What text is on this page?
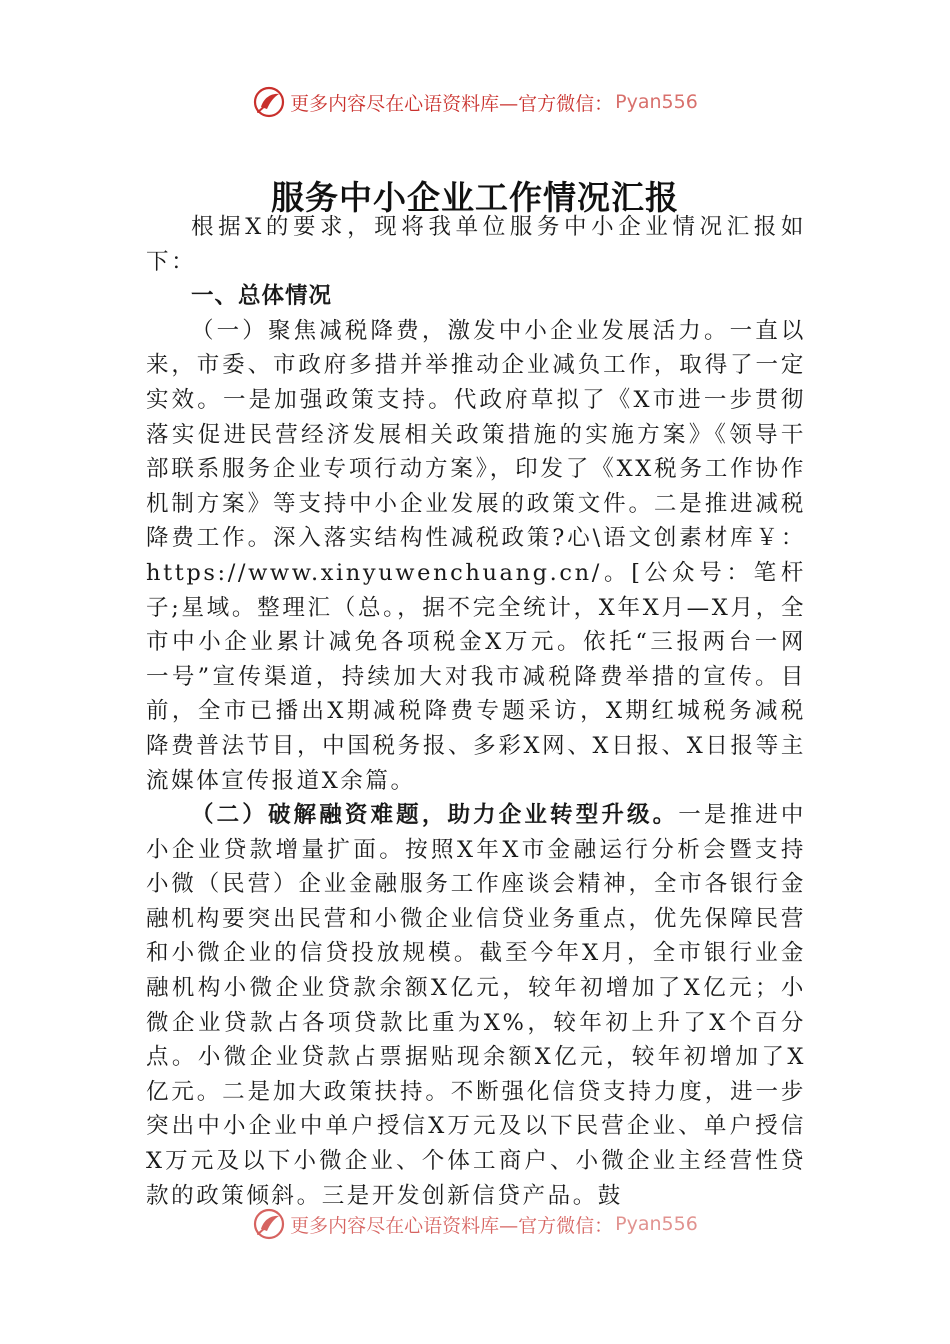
更多内容尽在心语资料库—官方微信： Pyan556
服务中小企业工作情况汇报

根据X的要求，现将我单位服务中小企业情况汇报如下：

一、总体情况

（一）聚焦减税降费，激发中小企业发展活力。一直以来，市委、市政府多措并举推动企业减负工作，取得了一定实效。一是加强政策支持。代政府草拟了《X市进一步贯彻落实促进民营经济发展相关政策措施的实施方案》《领导干部联系服务企业专项行动方案》，印发了《XX税务工作协作机制方案》等支持中小企业发展的政策文件。二是推进减税降费工作。深入落实结构性减税政策?心\语文创素材库￥：https://www.xinyuwenchuang.cn/。[公众号：笔杆子;星域。整理汇（总。，据不完全统计，X年X月—X月，全市中小企业累计减免各项税金X万元。依托“三报两台一网一号”宣传渠道，持续加大对我市减税降费举措的宣传。目前，全市已播出X期减税降费专题采访，X期红城税务减税降费普法节目，中国税务报、多彩X网、X日报、X日报等主流媒体宣传报道X余篇。

（二）破解融资难题，助力企业转型升级。一是推进中小企业贷款增量扩面。按照X年X市金融运行分析会暨支持小微（民营）企业金融服务工作座谈会精神，全市各银行金融机构要突出民营和小微企业信贷业务重点，优先保障民营和小微企业的信贷投放规模。截至今年X月，全市银行业金融机构小微企业贷款余额X亿元，较年初增加了X亿元；小微企业贷款占各项贷款比重为X%，较年初上升了X个百分点。小微企业贷款占票据贴现余额X亿元，较年初增加了X亿元。二是加大政策扶持。不断强化信贷支持力度，进一步突出中小企业中单户授信X万元及以下民营企业、单户授信X万元及以下小微企业、个体工商户、小微企业主经营性贷款的政策倾斜。三是开发创新信贷产品。鼓

更多内容尽在心语资料库—官方微信： Pyan556
